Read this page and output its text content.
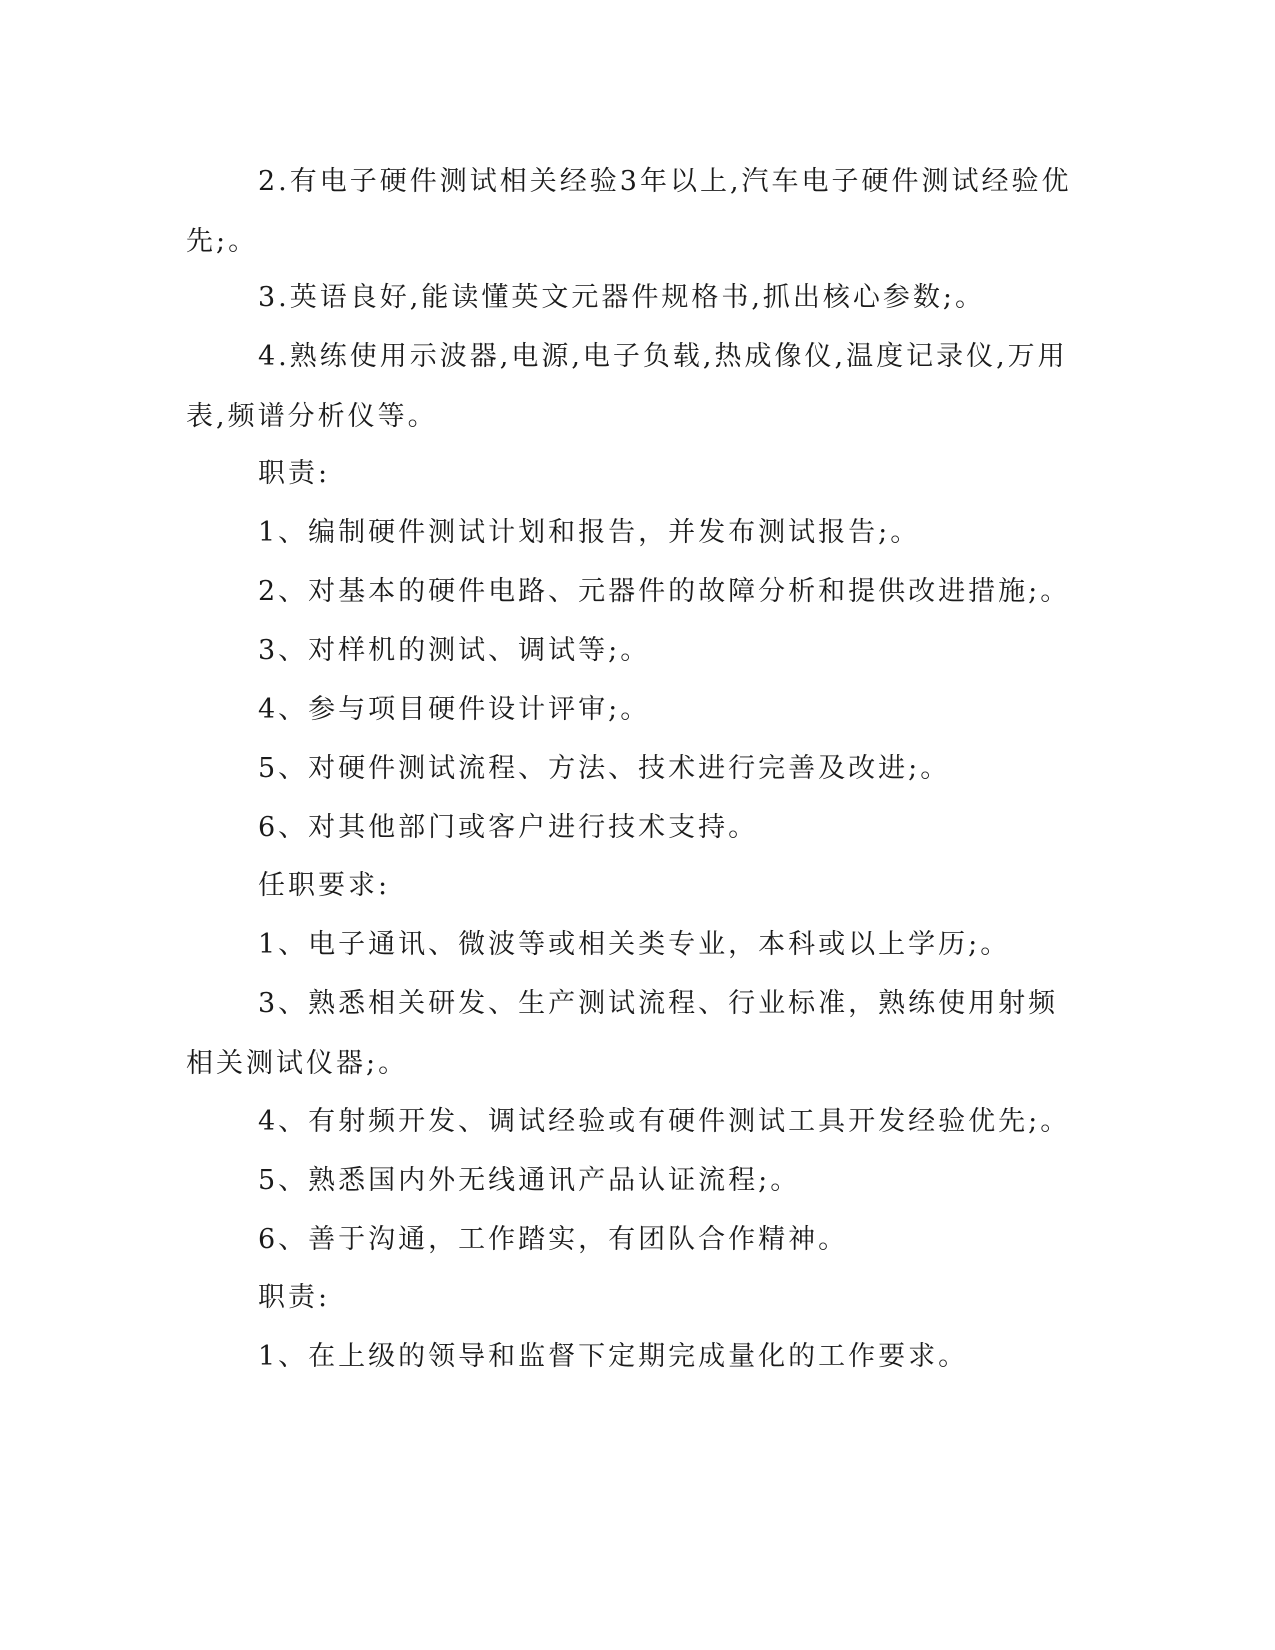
2.有电子硬件测试相关经验3年以上,汽车电子硬件测试经验优先;。

3.英语良好,能读懂英文元器件规格书,抓出核心参数;。

4.熟练使用示波器,电源,电子负载,热成像仪,温度记录仪,万用表,频谱分析仪等。

职责:

1、编制硬件测试计划和报告，并发布测试报告;。

2、对基本的硬件电路、元器件的故障分析和提供改进措施;。

3、对样机的测试、调试等;。

4、参与项目硬件设计评审;。

5、对硬件测试流程、方法、技术进行完善及改进;。

6、对其他部门或客户进行技术支持。

任职要求:

1、电子通讯、微波等或相关类专业，本科或以上学历;。

3、熟悉相关研发、生产测试流程、行业标准，熟练使用射频相关测试仪器;。

4、有射频开发、调试经验或有硬件测试工具开发经验优先;。

5、熟悉国内外无线通讯产品认证流程;。

6、善于沟通，工作踏实，有团队合作精神。

职责:

1、在上级的领导和监督下定期完成量化的工作要求。
